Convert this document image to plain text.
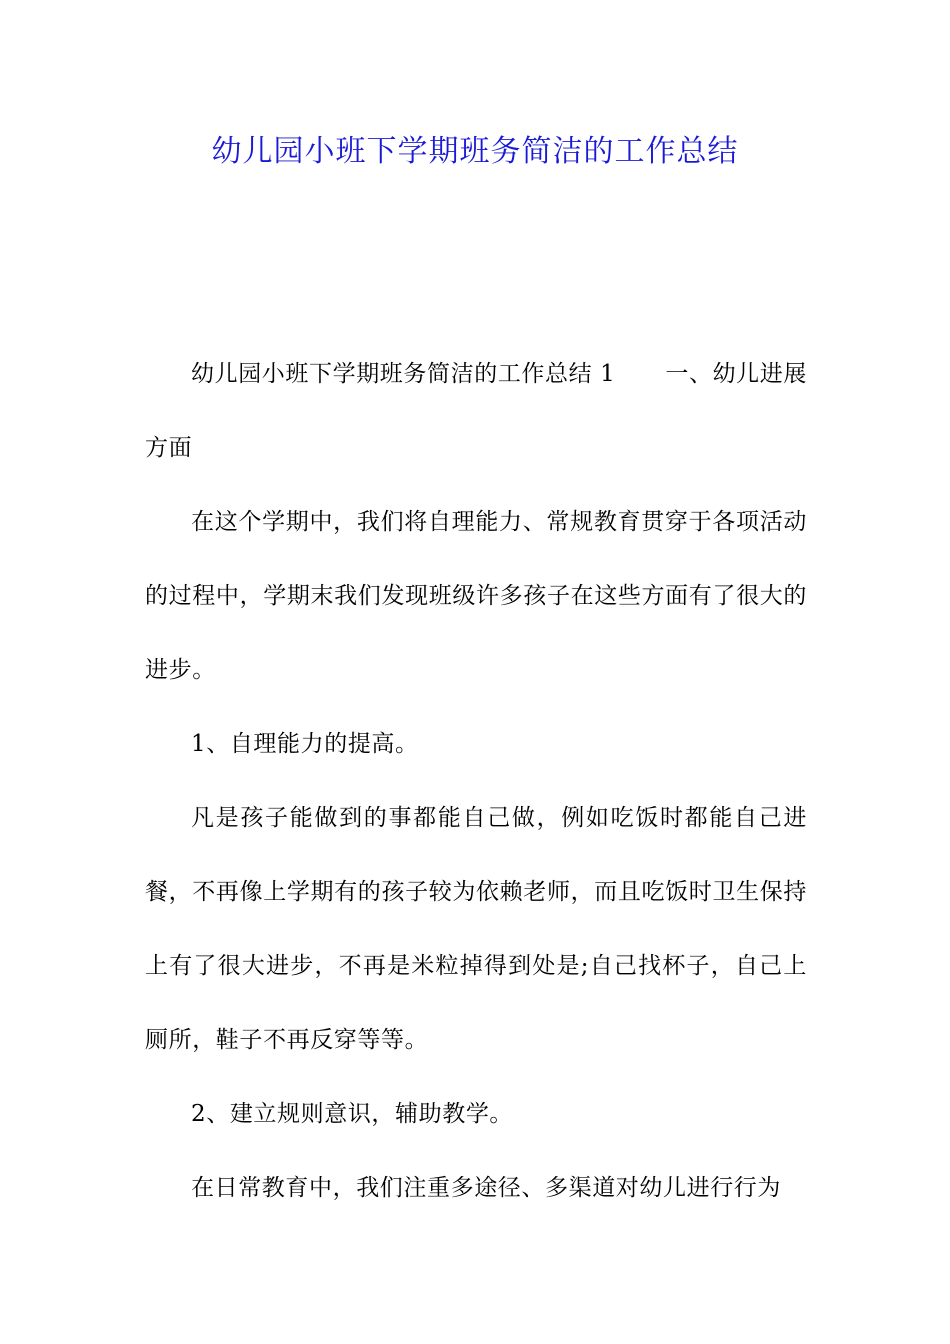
幼儿园小班下学期班务简洁的工作总结

幼儿园小班下学期班务简洁的工作总结 1 一、幼儿进展方面

在这个学期中，我们将自理能力、常规教育贯穿于各项活动的过程中，学期末我们发现班级许多孩子在这些方面有了很大的进步。

1、自理能力的提高。

凡是孩子能做到的事都能自己做，例如吃饭时都能自己进餐，不再像上学期有的孩子较为依赖老师，而且吃饭时卫生保持上有了很大进步，不再是米粒掉得到处是;自己找杯子，自己上厕所，鞋子不再反穿等等。

2、建立规则意识，辅助教学。

在日常教育中，我们注重多途径、多渠道对幼儿进行行为
